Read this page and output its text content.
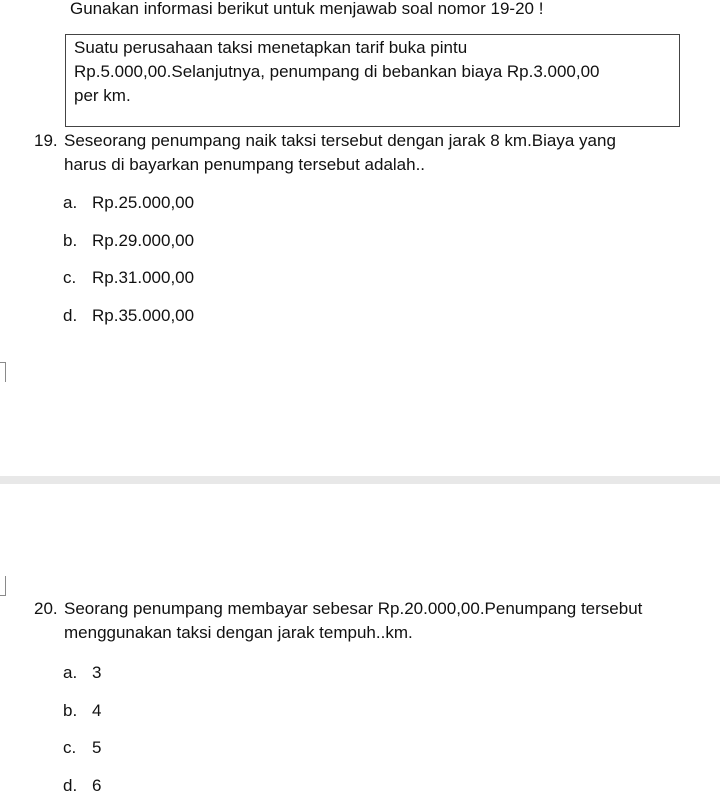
Gunakan informasi berikut untuk menjawab soal nomor 19-20 !
Suatu perusahaan taksi menetapkan tarif buka pintu
Rp.5.000,00.Selanjutnya, penumpang di bebankan biaya Rp.3.000,00
per km.
19. Seseorang penumpang naik taksi tersebut dengan jarak 8 km.Biaya yang
harus di bayarkan penumpang tersebut adalah..
a. Rp.25.000,00
b. Rp.29.000,00
c. Rp.31.000,00
d. Rp.35.000,00
20. Seorang penumpang membayar sebesar Rp.20.000,00.Penumpang tersebut
menggunakan taksi dengan jarak tempuh..km.
a. 3
b. 4
c. 5
d. 6
